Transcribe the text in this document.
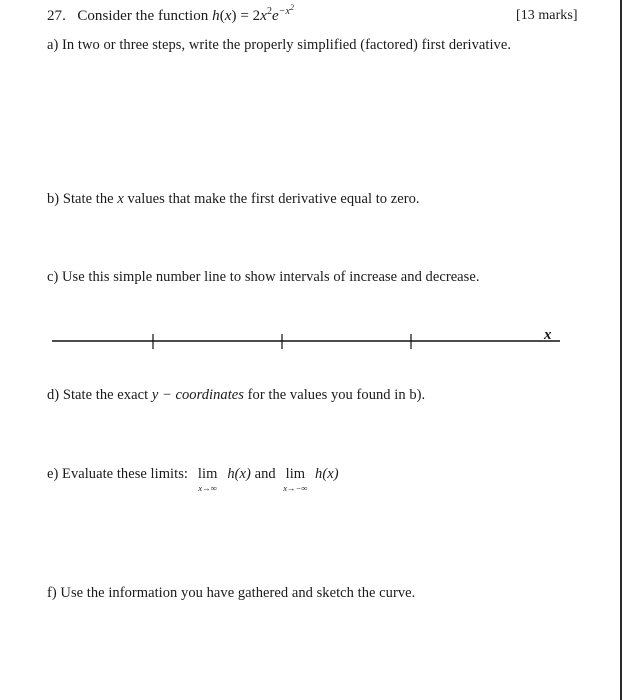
27. Consider the function $h(x) = 2x^2e^{-x^2}$
[13 marks]
a) In two or three steps, write the properly simplified (factored) first derivative.
b) State the x values that make the first derivative equal to zero.
c) Use this simple number line to show intervals of increase and decrease.
x
d) State the exact y − coordinates for the values you found in b).
e) Evaluate these limits: lim
x→∞
h(x) and lim
x→−∞
h(x)
f) Use the information you have gathered and sketch the curve.
